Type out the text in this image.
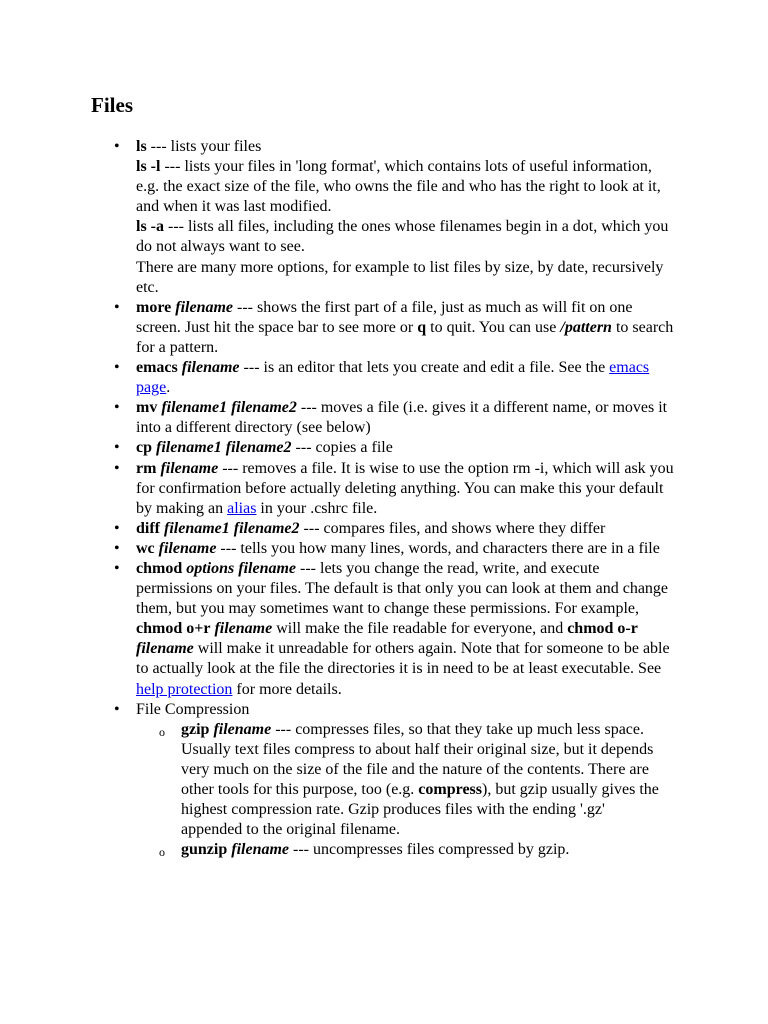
Files
• ls --- lists your files
ls -l --- lists your files in 'long format', which contains lots of useful information, e.g. the exact size of the file, who owns the file and who has the right to look at it, and when it was last modified.
ls -a --- lists all files, including the ones whose filenames begin in a dot, which you do not always want to see.
There are many more options, for example to list files by size, by date, recursively etc.
• more filename --- shows the first part of a file, just as much as will fit on one screen. Just hit the space bar to see more or q to quit. You can use /pattern to search for a pattern.
• emacs filename --- is an editor that lets you create and edit a file. See the emacs page.
• mv filename1 filename2 --- moves a file (i.e. gives it a different name, or moves it into a different directory (see below)
• cp filename1 filename2 --- copies a file
• rm filename --- removes a file. It is wise to use the option rm -i, which will ask you for confirmation before actually deleting anything. You can make this your default by making an alias in your .cshrc file.
• diff filename1 filename2 --- compares files, and shows where they differ
• wc filename --- tells you how many lines, words, and characters there are in a file
• chmod options filename --- lets you change the read, write, and execute permissions on your files. The default is that only you can look at them and change them, but you may sometimes want to change these permissions. For example, chmod o+r filename will make the file readable for everyone, and chmod o-r filename will make it unreadable for others again. Note that for someone to be able to actually look at the file the directories it is in need to be at least executable. See help protection for more details.
• File Compression
o gzip filename --- compresses files, so that they take up much less space. Usually text files compress to about half their original size, but it depends very much on the size of the file and the nature of the contents. There are other tools for this purpose, too (e.g. compress), but gzip usually gives the highest compression rate. Gzip produces files with the ending '.gz' appended to the original filename.
o gunzip filename --- uncompresses files compressed by gzip.
